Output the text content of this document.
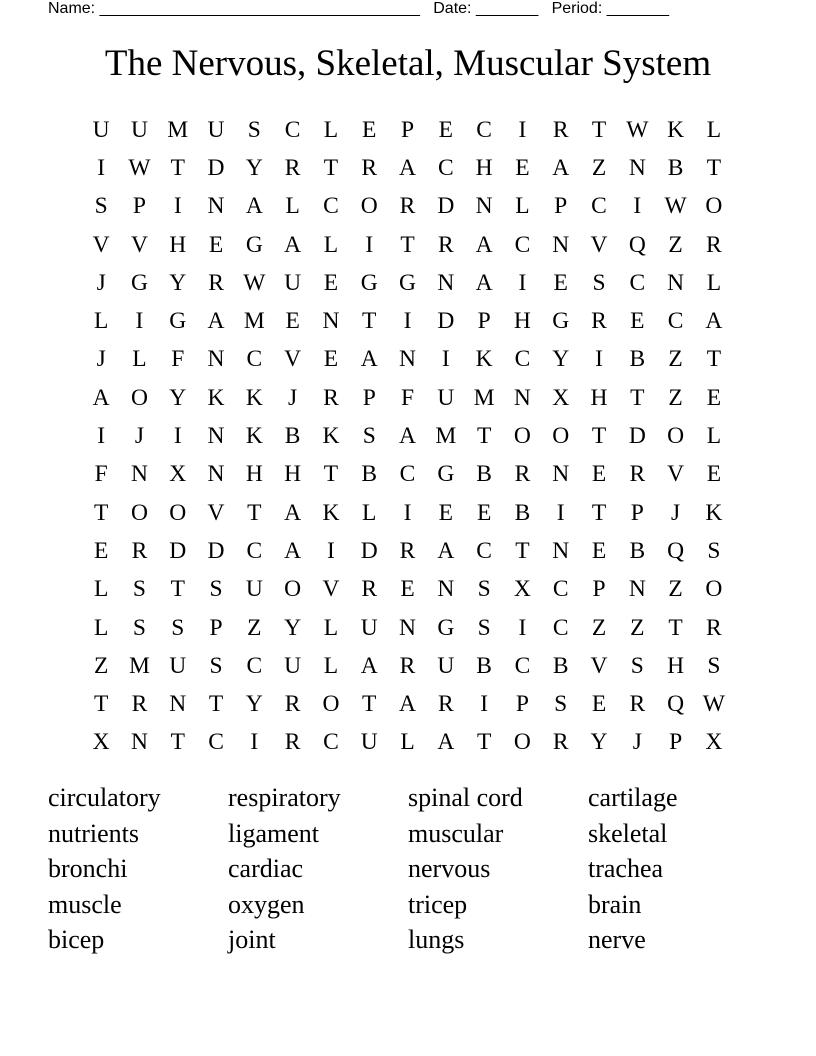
Name: ____________________________________   Date: _______   Period: _______
The Nervous, Skeletal, Muscular System
U U M U S	C L	E	P	E C	I	R T W K L
I W T D Y R T R A C H E A Z N B T
S	P	I	N A L C O R D N L	P	C	I W O
V V H E G A L	I	T R A C N V Q Z R
J	G Y R W U E G G N A	I	E	S	C N L
L	I	G A M E N T	I	D P H G R E C A
J	L	F N C V E A N	I	K C Y	I	B Z	T
A O Y K K	J	R	P	F U M N X H T	Z	E
I	J	I	N K B K S A M T O O T D O L
F N X N H H T B C G B R N E R V E
T O O V T A K L	I	E	E B	I	T	P	J	K
E R D D C A	I	D R A C T N E B Q S
L	S	T	S U O V R E N S X C	P N Z O
L	S	S	P	Z Y L U N G S	I	C Z	Z	T R
Z M U S	C U L A R U B C B V S H S
T R N T Y R O T A R	I	P	S	E R Q W
X N T C	I	R C U L A T O R Y	J	P X
circulatory	respiratory	spinal cord	cartilage
nutrients	ligament	muscular	skeletal
bronchi	cardiac	nervous	trachea
muscle	oxygen	tricep	brain
bicep	joint	lungs	nerve
